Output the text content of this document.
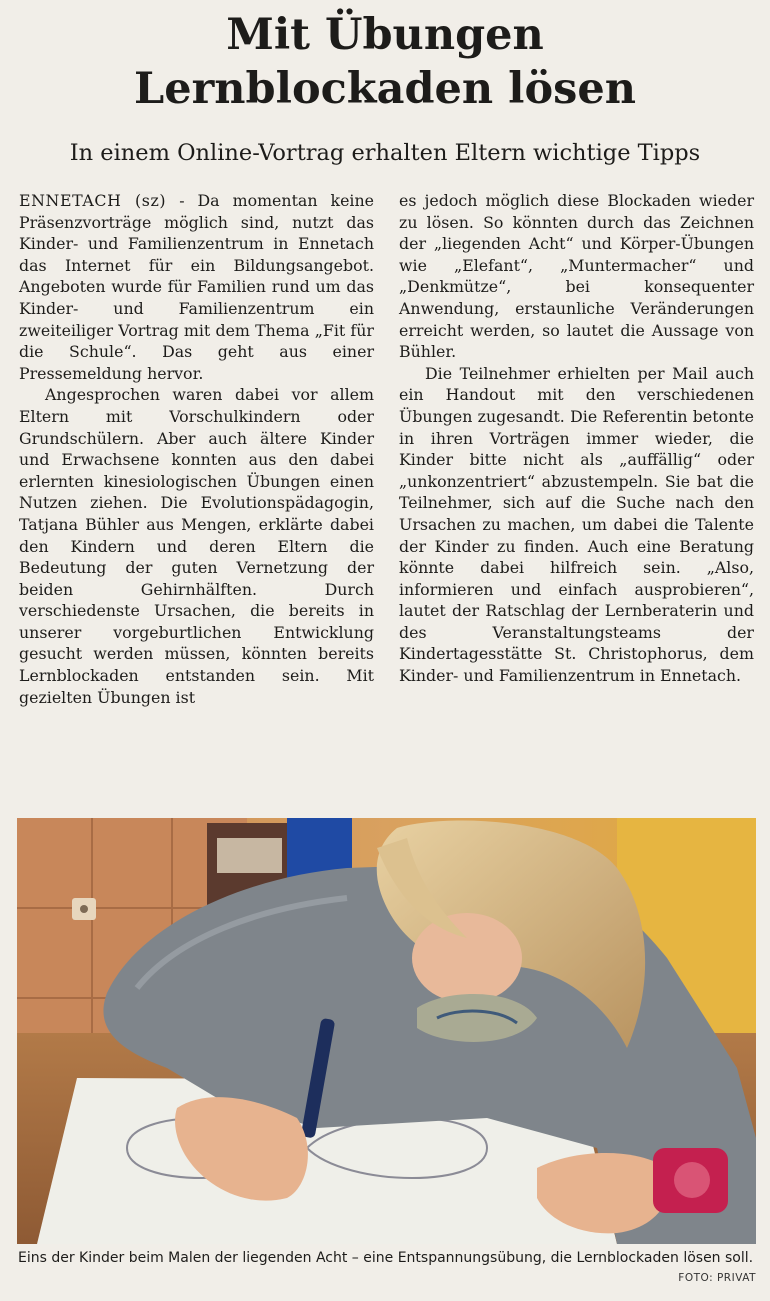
Mit Übungen
Lernblockaden lösen
In einem Online-Vortrag erhalten Eltern wichtige Tipps

ENNETACH (sz) - Da momentan keine Präsenzvorträge möglich sind, nutzt das Kinder- und Familienzentrum in Ennetach das Internet für ein Bildungsangebot. Angeboten wurde für Familien rund um das Kinder- und Familienzentrum ein zweiteiliger Vortrag mit dem Thema „Fit für die Schule“. Das geht aus einer Pressemeldung hervor.

Angesprochen waren dabei vor allem Eltern mit Vorschulkindern oder Grundschülern. Aber auch ältere Kinder und Erwachsene konnten aus den dabei erlernten kinesiologischen Übungen einen Nutzen ziehen. Die Evolutionspädagogin, Tatjana Bühler aus Mengen, erklärte dabei den Kindern und deren Eltern die Bedeutung der guten Vernetzung der beiden Gehirnhälften. Durch verschiedenste Ursachen, die bereits in unserer vorgeburtlichen Entwicklung gesucht werden müssen, könnten bereits Lernblockaden entstanden sein. Mit gezielten Übungen ist

es jedoch möglich diese Blockaden wieder zu lösen. So könnten durch das Zeichnen der „liegenden Acht“ und Körper-Übungen wie „Elefant“, „Muntermacher“ und „Denkmütze“, bei konsequenter Anwendung, erstaunliche Veränderungen erreicht werden, so lautet die Aussage von Bühler.

Die Teilnehmer erhielten per Mail auch ein Handout mit den verschiedenen Übungen zugesandt. Die Referentin betonte in ihren Vorträgen immer wieder, die Kinder bitte nicht als „auffällig“ oder „unkonzentriert“ abzustempeln. Sie bat die Teilnehmer, sich auf die Suche nach den Ursachen zu machen, um dabei die Talente der Kinder zu finden. Auch eine Beratung könnte dabei hilfreich sein. „Also, informieren und einfach ausprobieren“, lautet der Ratschlag der Lernberaterin und des Veranstaltungsteams der Kindertagesstätte St. Christophorus, dem Kinder- und Familienzentrum in Ennetach.

Eins der Kinder beim Malen der liegenden Acht – eine Entspannungsübung, die Lernblockaden lösen soll.
FOTO: PRIVAT
